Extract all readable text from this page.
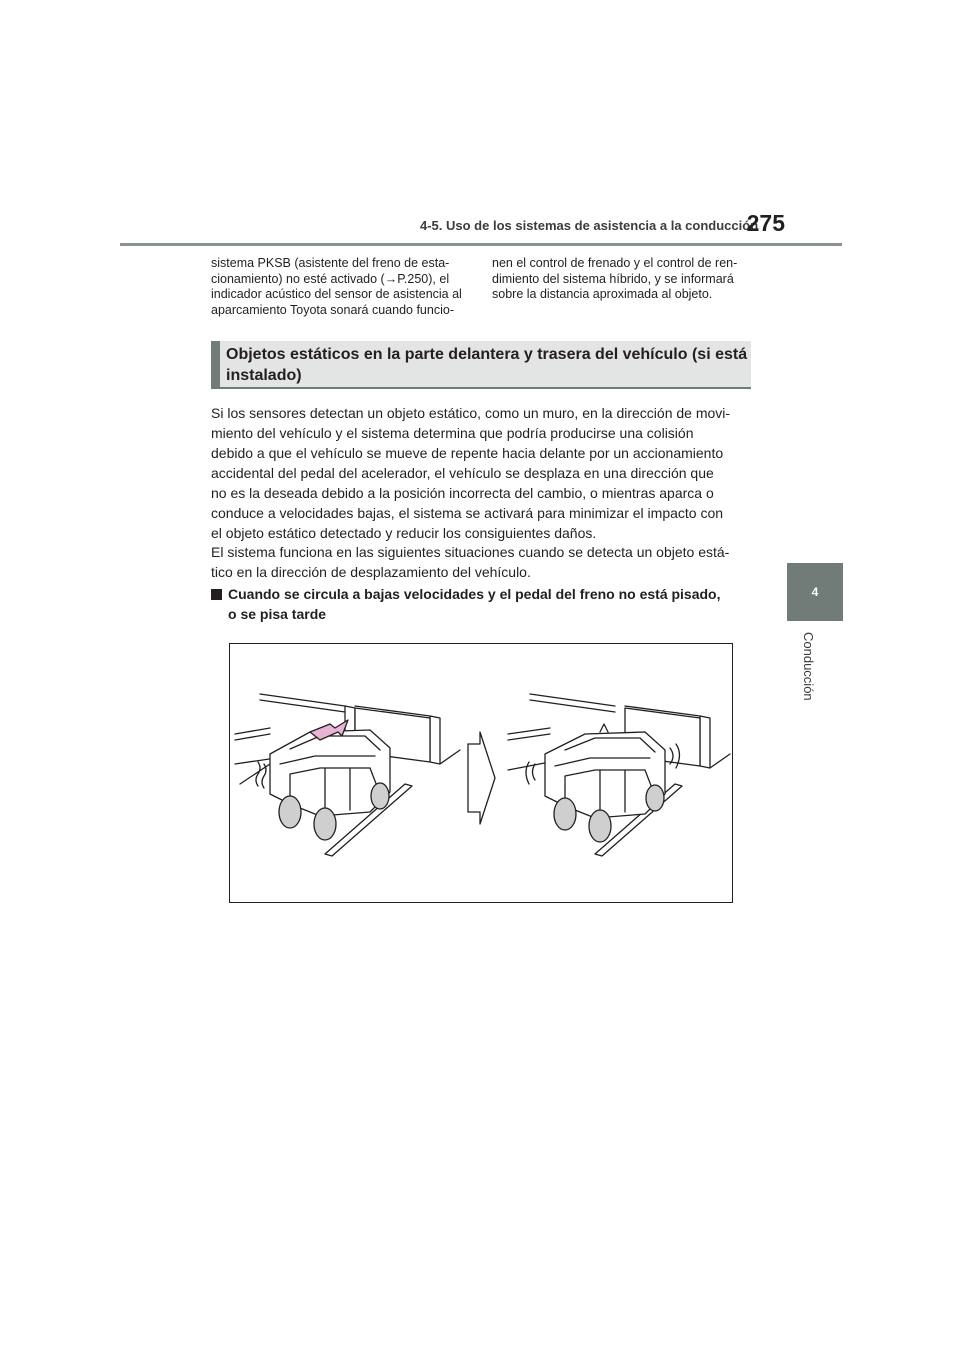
4-5. Uso de los sistemas de asistencia a la conducción
275
4
Conducción
sistema PKSB (asistente del freno de esta-
cionamiento) no esté activado (→P.250), el
indicador acústico del sensor de asistencia al
aparcamiento Toyota sonará cuando funcio-
nen el control de frenado y el control de ren-
dimiento del sistema híbrido, y se informará
sobre la distancia aproximada al objeto.
Objetos estáticos en la parte delantera y trasera del vehículo (si está
instalado)
Si los sensores detectan un objeto estático, como un muro, en la dirección de movi-
miento del vehículo y el sistema determina que podría producirse una colisión
debido a que el vehículo se mueve de repente hacia delante por un accionamiento
accidental del pedal del acelerador, el vehículo se desplaza en una dirección que
no es la deseada debido a la posición incorrecta del cambio, o mientras aparca o
conduce a velocidades bajas, el sistema se activará para minimizar el impacto con
el objeto estático detectado y reducir los consiguientes daños.
El sistema funciona en las siguientes situaciones cuando se detecta un objeto está-
tico en la dirección de desplazamiento del vehículo.
Cuando se circula a bajas velocidades y el pedal del freno no está pisado,
o se pisa tarde
